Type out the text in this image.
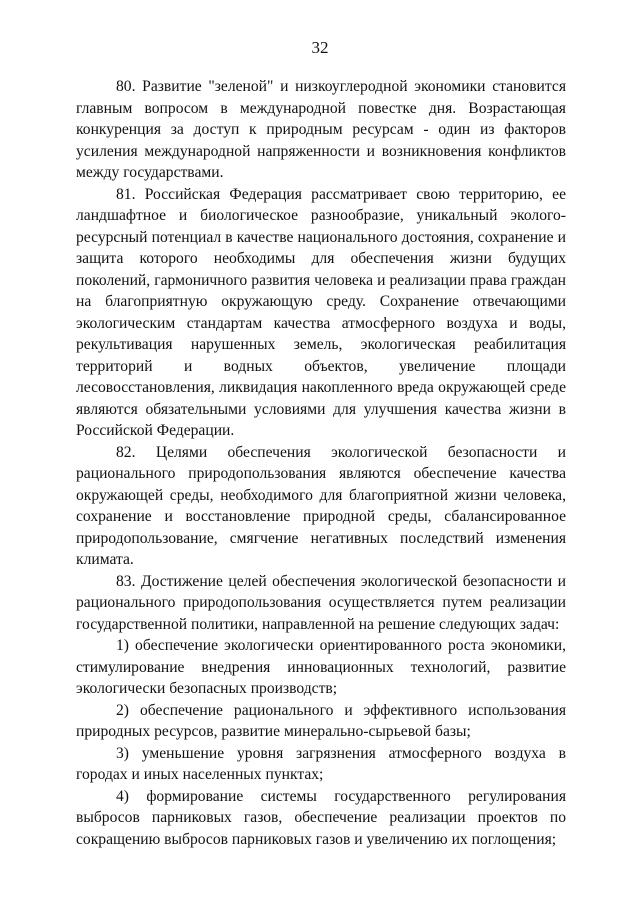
32

80. Развитие "зеленой" и низкоуглеродной экономики становится главным вопросом в международной повестке дня. Возрастающая конкуренция за доступ к природным ресурсам - один из факторов усиления международной напряженности и возникновения конфликтов между государствами.

81. Российская Федерация рассматривает свою территорию, ее ландшафтное и биологическое разнообразие, уникальный эколого-ресурсный потенциал в качестве национального достояния, сохранение и защита которого необходимы для обеспечения жизни будущих поколений, гармоничного развития человека и реализации права граждан на благоприятную окружающую среду. Сохранение отвечающими экологическим стандартам качества атмосферного воздуха и воды, рекультивация нарушенных земель, экологическая реабилитация территорий и водных объектов, увеличение площади лесовосстановления, ликвидация накопленного вреда окружающей среде являются обязательными условиями для улучшения качества жизни в Российской Федерации.

82. Целями обеспечения экологической безопасности и рационального природопользования являются обеспечение качества окружающей среды, необходимого для благоприятной жизни человека, сохранение и восстановление природной среды, сбалансированное природопользование, смягчение негативных последствий изменения климата.

83. Достижение целей обеспечения экологической безопасности и рационального природопользования осуществляется путем реализации государственной политики, направленной на решение следующих задач:

1) обеспечение экологически ориентированного роста экономики, стимулирование внедрения инновационных технологий, развитие экологически безопасных производств;

2) обеспечение рационального и эффективного использования природных ресурсов, развитие минерально-сырьевой базы;

3) уменьшение уровня загрязнения атмосферного воздуха в городах и иных населенных пунктах;

4) формирование системы государственного регулирования выбросов парниковых газов, обеспечение реализации проектов по сокращению выбросов парниковых газов и увеличению их поглощения;
